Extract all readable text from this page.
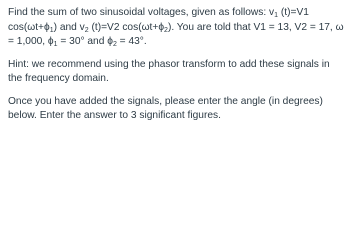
Find the sum of two sinusoidal voltages, given as follows: $v_1$ (t)=V1 $\cos(\omega t+\phi_1)$ and $v_2$ (t)=V2 $\cos(\omega t+\phi_2)$. You are told that V1 = 13, V2 = 17, ω = 1,000, $\phi_1 = 30^\circ$ and $\phi_2 = 43^\circ$.

Hint: we recommend using the phasor transform to add these signals in the frequency domain.

Once you have added the signals, please enter the angle (in degrees) below. Enter the answer to 3 significant figures.
